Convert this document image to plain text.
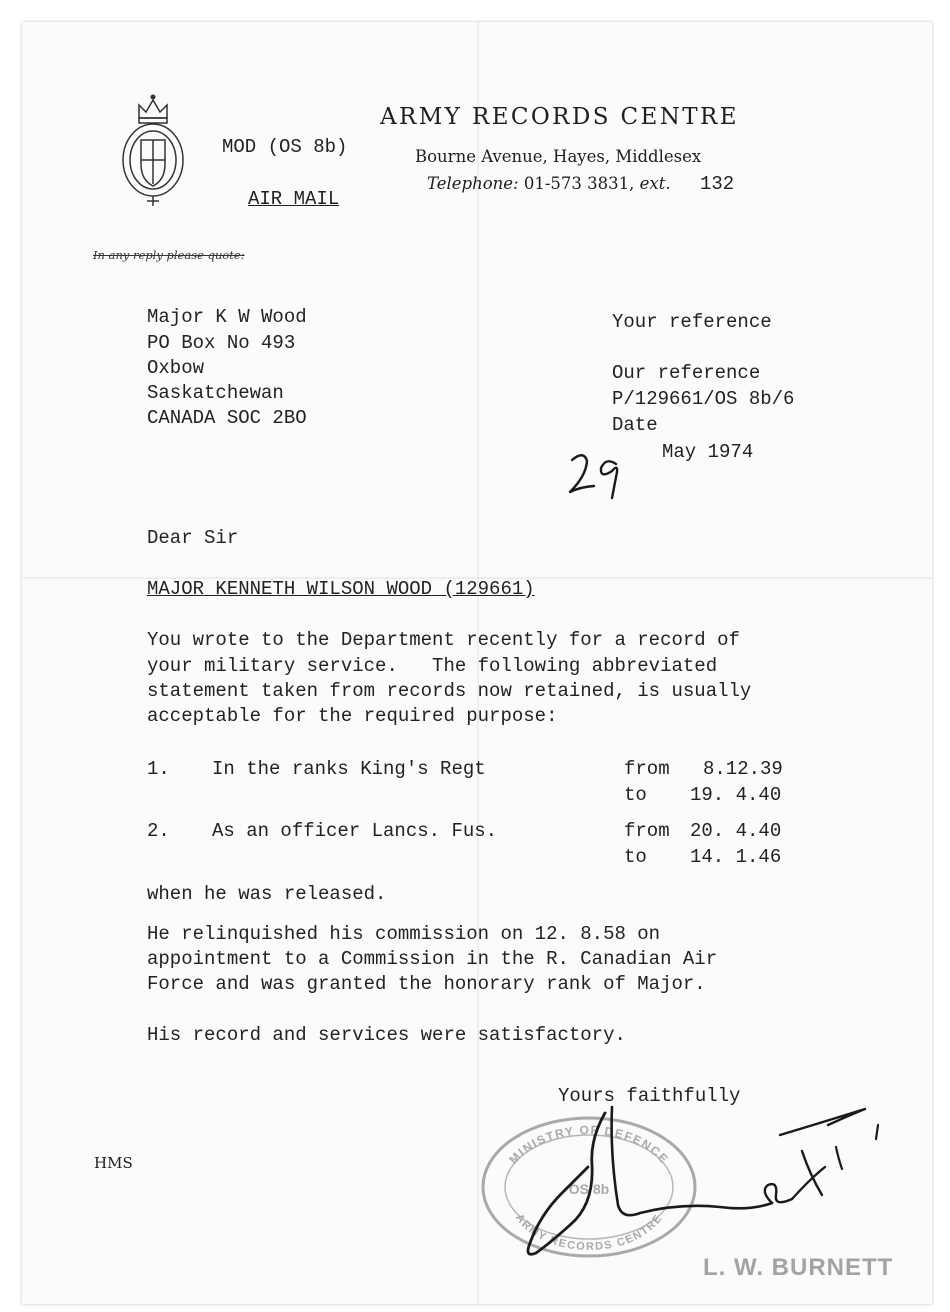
ARMY RECORDS CENTRE
Bourne Avenue, Hayes, Middlesex
Telephone: 01-573 3831, ext. 132
MOD (OS 8b)
AIR MAIL
In any reply please quote:
Major K W Wood
PO Box No 493
Oxbow
Saskatchewan
CANADA SOC 2BO
Your reference
Our reference
P/129661/OS 8b/6
Date
May 1974
Dear Sir
MAJOR KENNETH WILSON WOOD (129661)
You wrote to the Department recently for a record of
your military service.   The following abbreviated
statement taken from records now retained, is usually
acceptable for the required purpose:
1. In the ranks King's Regt	from 8.12.39
to 19. 4.40
2. As an officer Lancs. Fus.	from 20. 4.40
to 14. 1.46
when he was released.
He relinquished his commission on 12. 8.58 on
appointment to a Commission in the R. Canadian Air
Force and was granted the honorary rank of Major.
His record and services were satisfactory.
Yours faithfully
MINISTRY OF DEFENCE
OS 8b
ARMY RECORDS CENTRE
HMS
L. W. BURNETT
